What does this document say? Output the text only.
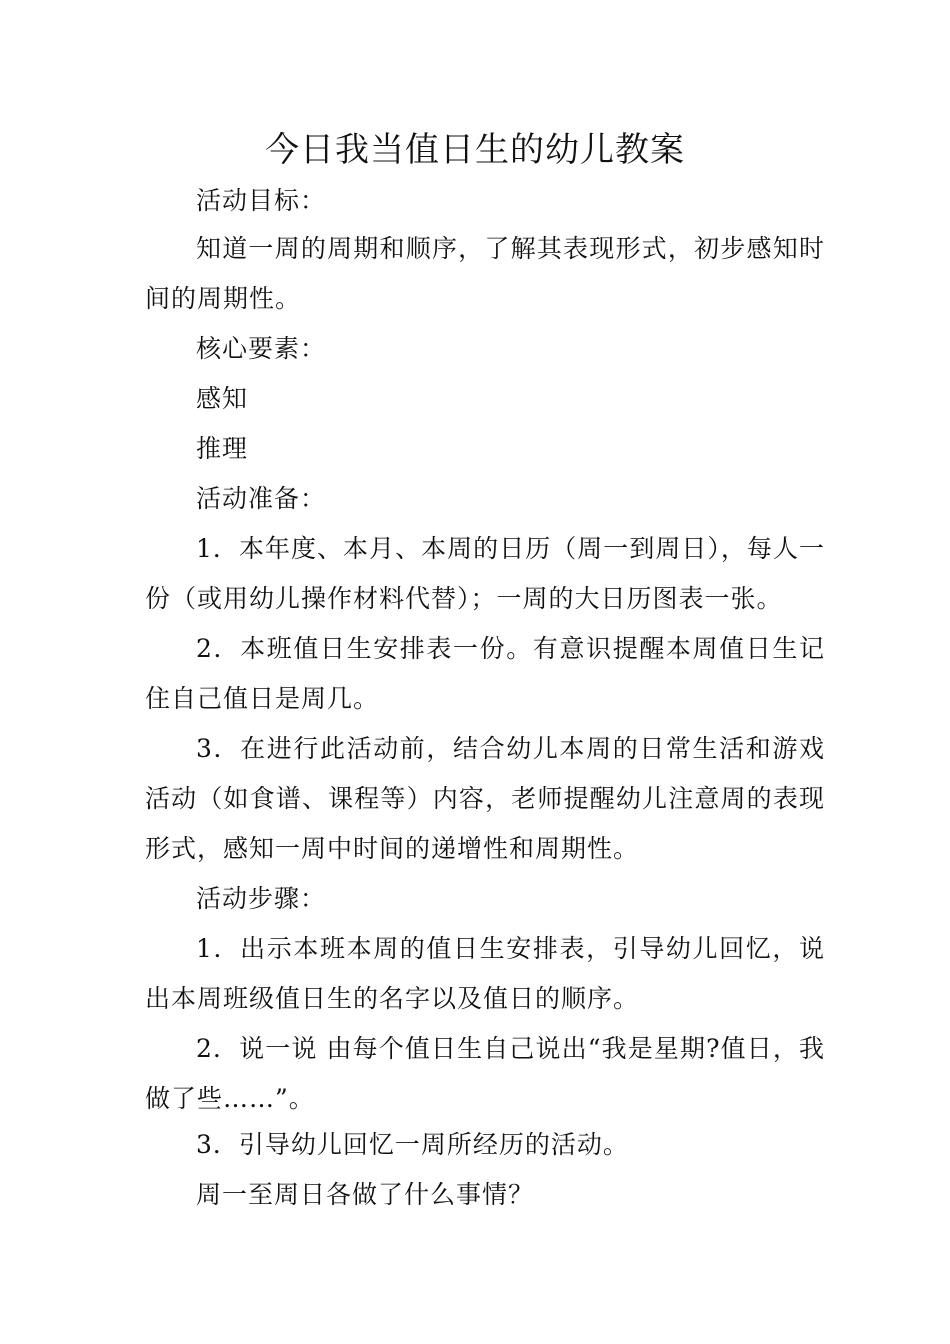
今日我当值日生的幼儿教案
活动目标：
知道一周的周期和顺序，了解其表现形式，初步感知时间的周期性。
核心要素：
感知
推理
活动准备：
1．本年度、本月、本周的日历（周一到周日），每人一份（或用幼儿操作材料代替）；一周的大日历图表一张。
2．本班值日生安排表一份。有意识提醒本周值日生记住自己值日是周几。
3．在进行此活动前，结合幼儿本周的日常生活和游戏活动（如食谱、课程等）内容，老师提醒幼儿注意周的表现形式，感知一周中时间的递增性和周期性。
活动步骤：
1．出示本班本周的值日生安排表，引导幼儿回忆，说出本周班级值日生的名字以及值日的顺序。
2．说一说 由每个值日生自己说出“我是星期?值日，我做了些……”。
3．引导幼儿回忆一周所经历的活动。
周一至周日各做了什么事情？
